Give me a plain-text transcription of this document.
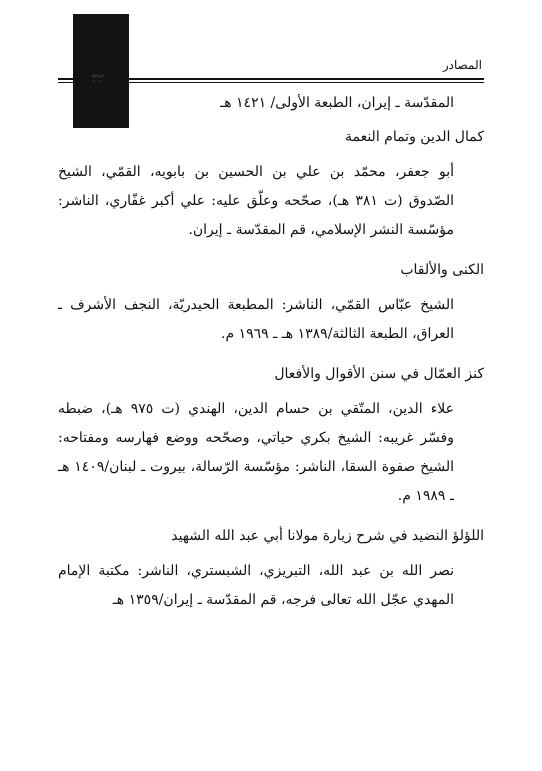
المصادر

المقدّسة ـ إيران، الطبعة الأولى/ ١٤٢١ هـ

كمال الدين وتمام النعمة

أبو جعفر، محمّد بن علي بن الحسين بن بابويه، القمّي، الشيخ الصّدوق (ت ٣٨١ هـ)، صحّحه وعلّق عليه: علي أكبر غفّاري، الناشر: مؤسّسة النشر الإسلامي، قم المقدّسة ـ إيران.

الكنى والألقاب

الشيخ عبّاس القمّي، الناشر: المطبعة الحيدريّة، النجف الأشرف ـ العراق، الطبعة الثالثة/١٣٨٩ هـ ـ ١٩٦٩ م.

كنز العمّال في سنن الأقوال والأفعال

علاء الدين، المتّقي بن حسام الدين، الهندي (ت ٩٧٥ هـ)، ضبطه وفسّر غريبه: الشيخ بكري حياتي، وصحّحه ووضع فهارسه ومفتاحه: الشيخ صفوة السقا، الناشر: مؤسّسة الرّسالة، بيروت ـ لبنان/١٤٠٩ هـ ـ ١٩٨٩ م.

اللؤلؤ النضيد في شرح زيارة مولانا أبي عبد الله الشهيد

نصر الله بن عبد الله، التبريزي، الشبستري، الناشر: مكتبة الإمام المهدي عجّل الله تعالى فرجه، قم المقدّسة ـ إيران/١٣٥٩ هـ
